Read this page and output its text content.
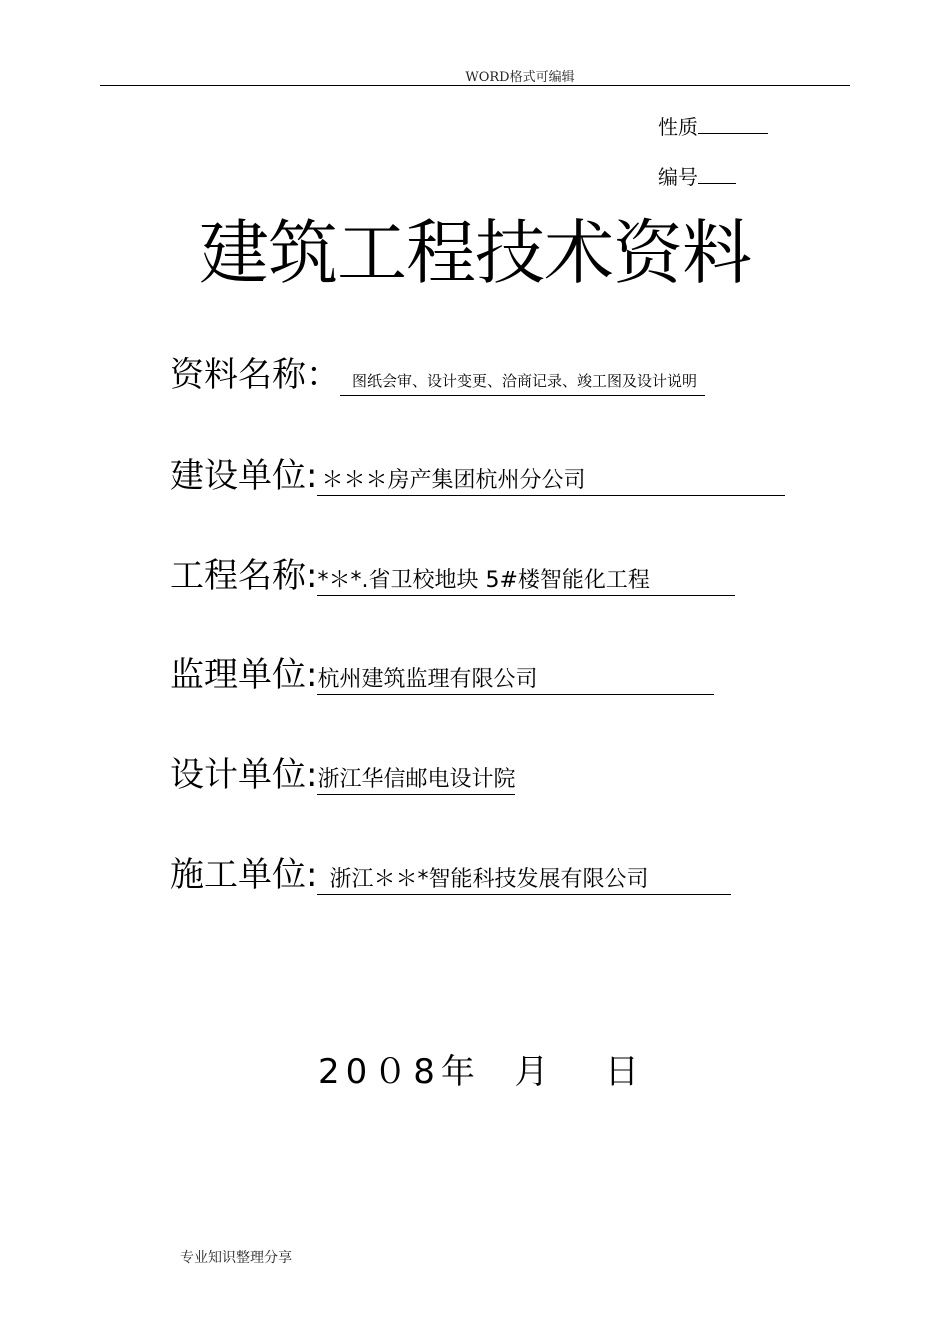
WORD格式可编辑
性质
编号
建筑工程技术资料
资料名称： 图纸会审、设计变更、洽商记录、竣工图及设计说明
建设单位: ＊＊＊房产集团杭州分公司
工程名称:*＊*.省卫校地块 5#楼智能化工程
监理单位:杭州建筑监理有限公司
设计单位:浙江华信邮电设计院
施工单位: 浙江＊＊*智能科技发展有限公司
20０8年  月   日
专业知识整理分享
